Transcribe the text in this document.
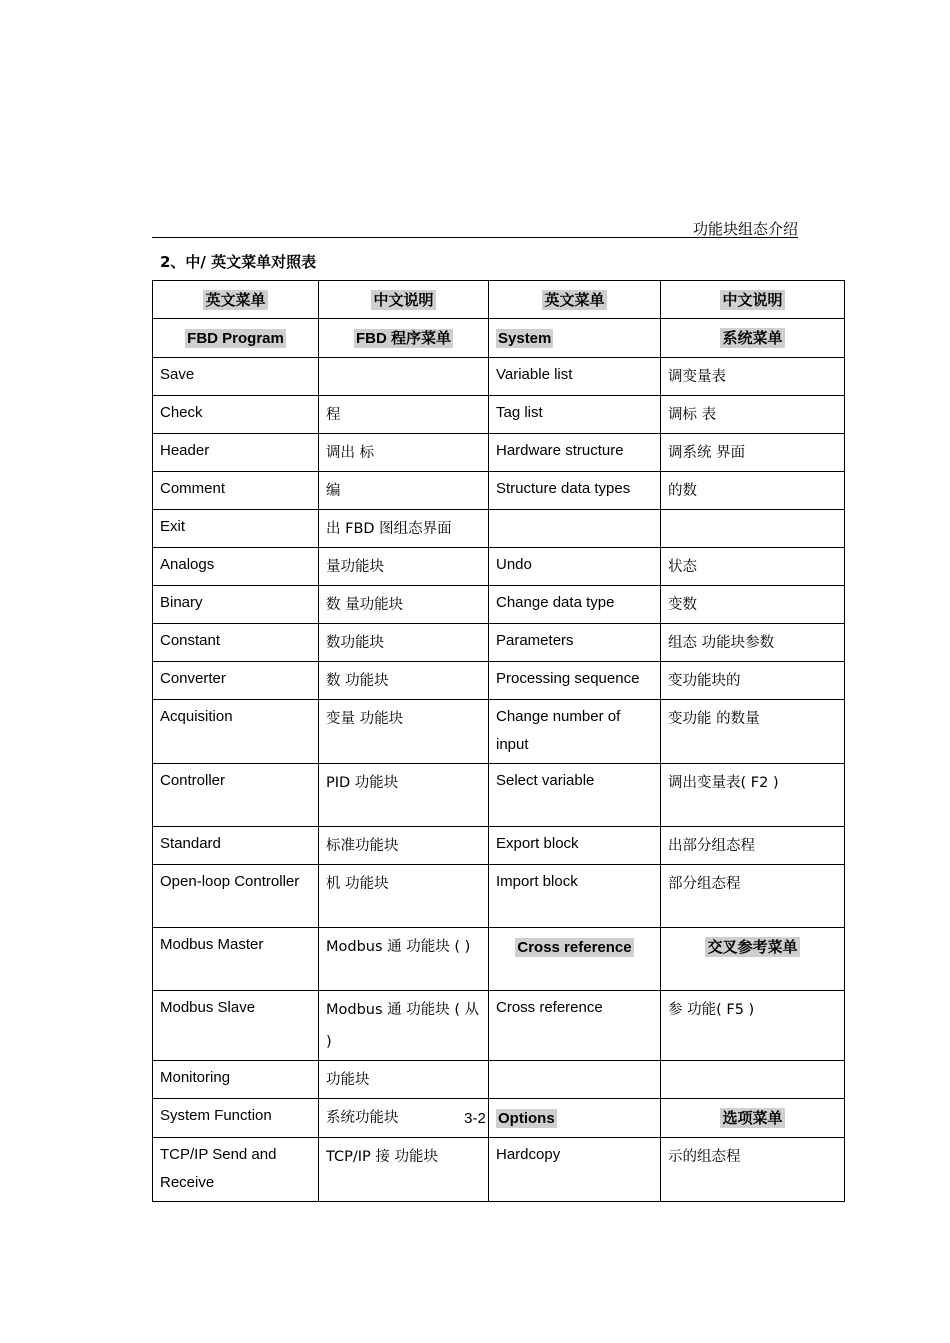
功能块组态介绍
2、中/ 英文菜单对照表
英文菜单	中文说明	英文菜单	中文说明
FBD Program	FBD 程序菜单	System	系统菜单
Save		Variable list	调变量表
Check	程	Tag list	调标 表
Header	调出 标	Hardware structure	调系统 界面
Comment	编	Structure data types	的数
Exit	出 FBD 图组态界面		
Analogs	量功能块	Undo	状态
Binary	数 量功能块	Change data type	变数
Constant	数功能块	Parameters	组态 功能块参数
Converter	数 功能块	Processing sequence	变功能块的
Acquisition	变量 功能块	Change number of input	变功能 的数量
Controller	PID 功能块	Select variable	调出变量表( F2 )
Standard	标准功能块	Export block	出部分组态程
Open-loop Controller	机 功能块	Import block	部分组态程
Modbus Master	Modbus 通 功能块 ( )	Cross reference	交叉参考菜单
Modbus Slave	Modbus 通 功能块 ( 从 )	Cross reference	参 功能( F5 )
Monitoring	功能块		
System Function	系统功能块	Options	选项菜单
TCP/IP Send and Receive	TCP/IP 接 功能块	Hardcopy	示的组态程
3-2
